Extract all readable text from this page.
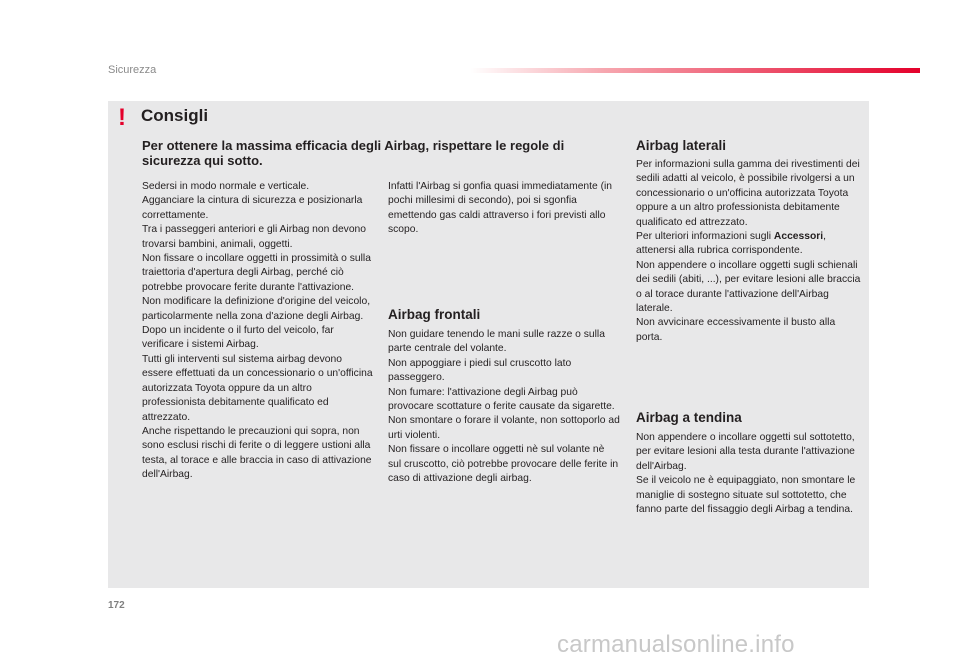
Sicurezza
! Consigli
Per ottenere la massima efficacia degli Airbag, rispettare le regole di sicurezza qui sotto.
Sedersi in modo normale e verticale.
Agganciare la cintura di sicurezza e posizionarla correttamente.
Tra i passeggeri anteriori e gli Airbag non devono trovarsi bambini, animali, oggetti.
Non fissare o incollare oggetti in prossimità o sulla traiettoria d'apertura degli Airbag, perché ciò potrebbe provocare ferite durante l'attivazione.
Non modificare la definizione d'origine del veicolo, particolarmente nella zona d'azione degli Airbag.
Dopo un incidente o il furto del veicolo, far verificare i sistemi Airbag.
Tutti gli interventi sul sistema airbag devono essere effettuati da un concessionario o un'officina autorizzata Toyota oppure da un altro professionista debitamente qualificato ed attrezzato.
Anche rispettando le precauzioni qui sopra, non sono esclusi rischi di ferite o di leggere ustioni alla testa, al torace e alle braccia in caso di attivazione dell'Airbag.
Infatti l'Airbag si gonfia quasi immediatamente (in pochi millesimi di secondo), poi si sgonfia emettendo gas caldi attraverso i fori previsti allo scopo.
Airbag frontali
Non guidare tenendo le mani sulle razze o sulla parte centrale del volante.
Non appoggiare i piedi sul cruscotto lato passeggero.
Non fumare: l'attivazione degli Airbag può provocare scottature o ferite causate da sigarette.
Non smontare o forare il volante, non sottoporlo ad urti violenti.
Non fissare o incollare oggetti nè sul volante nè sul cruscotto, ciò potrebbe provocare delle ferite in caso di attivazione degli airbag.
Airbag laterali
Per informazioni sulla gamma dei rivestimenti dei sedili adatti al veicolo, è possibile rivolgersi a un concessionario o un'officina autorizzata Toyota oppure a un altro professionista debitamente qualificato ed attrezzato.
Per ulteriori informazioni sugli Accessori, attenersi alla rubrica corrispondente.
Non appendere o incollare oggetti sugli schienali dei sedili (abiti, ...), per evitare lesioni alle braccia o al torace durante l'attivazione dell'Airbag laterale.
Non avvicinare eccessivamente il busto alla porta.
Airbag a tendina
Non appendere o incollare oggetti sul sottotetto, per evitare lesioni alla testa durante l'attivazione dell'Airbag.
Se il veicolo ne è equipaggiato, non smontare le maniglie di sostegno situate sul sottotetto, che fanno parte del fissaggio degli Airbag a tendina.
172
carmanualsonline.info
